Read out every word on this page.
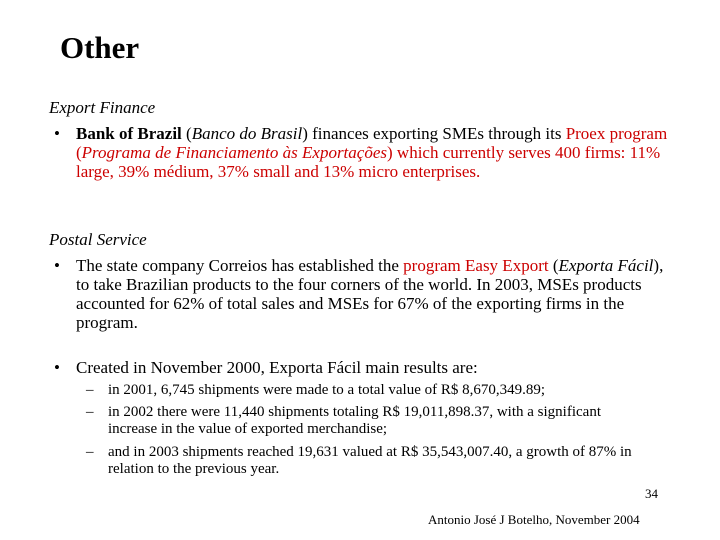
Other
Export Finance
• Bank of Brazil (Banco do Brasil) finances exporting SMEs through its Proex program (Programa de Financiamento às Exportações) which currently serves 400 firms: 11% large, 39% médium, 37% small and 13% micro enterprises.
Postal Service
• The state company Correios has established the program Easy Export (Exporta Fácil), to take Brazilian products to the four corners of the world. In 2003, MSEs products accounted for 62% of total sales and MSEs for 67% of the exporting firms in the program.
• Created in November 2000, Exporta Fácil main results are:
– in 2001, 6,745 shipments were made to a total value of R$ 8,670,349.89;
– in 2002 there were 11,440 shipments totaling R$ 19,011,898.37, with a significant increase in the value of exported merchandise;
– and in 2003 shipments reached 19,631 valued at R$ 35,543,007.40, a growth of 87% in relation to the previous year.
34
Antonio José J Botelho, November 2004
